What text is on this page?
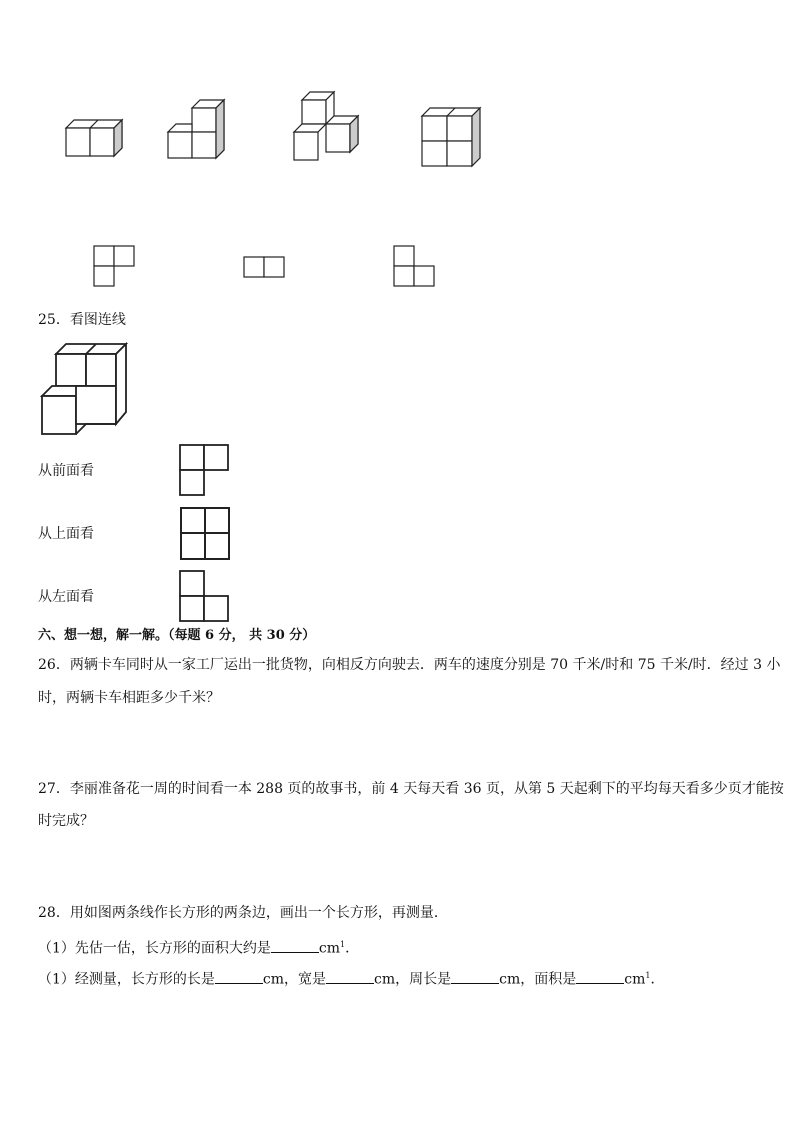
25．看图连线
从前面看
从上面看
从左面看
六、想一想，解一解。（每题 6 分， 共 30 分）
26．两辆卡车同时从一家工厂运出一批货物，向相反方向驶去．两车的速度分别是 70 千米/时和 75 千米/时．经过 3 小
时，两辆卡车相距多少千米？
27．李丽准备花一周的时间看一本 288 页的故事书，前 4 天每天看 36 页，从第 5 天起剩下的平均每天看多少页才能按
时完成？
28．用如图两条线作长方形的两条边，画出一个长方形，再测量．
（1）先估一估，长方形的面积大约是	$cm^1$．
（1）经测量，长方形的长是	cm，宽是	cm，周长是	cm，面积是	$cm^1$．
